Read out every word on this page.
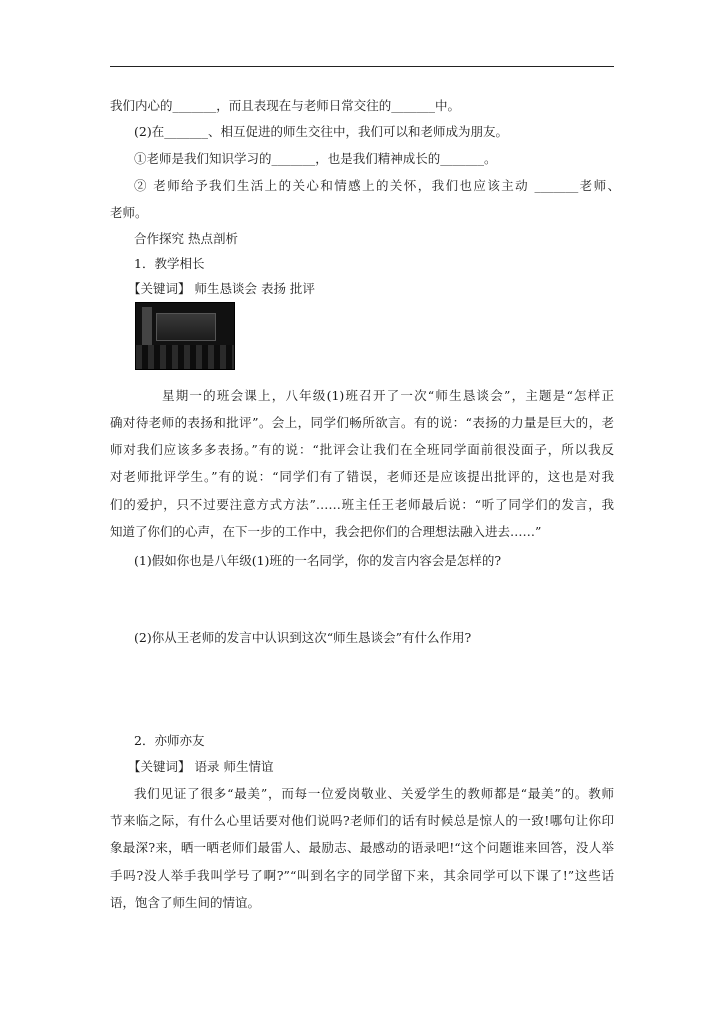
我们内心的_______，而且表现在与老师日常交往的_______中。
(2)在_______、相互促进的师生交往中，我们可以和老师成为朋友。
①老师是我们知识学习的_______，也是我们精神成长的_______。
② 老师给予我们生活上的关心和情感上的关怀，我们也应该主动 _______老师、
老师。
合作探究 热点剖析
1．教学相长
【关键词】 师生恳谈会 表扬 批评
星期一的班会课上，八年级(1)班召开了一次“师生恳谈会”，主题是“怎样正
确对待老师的表扬和批评”。会上，同学们畅所欲言。有的说：“表扬的力量是巨大的，老
师对我们应该多多表扬。”有的说：“批评会让我们在全班同学面前很没面子，所以我反
对老师批评学生。”有的说：“同学们有了错误，老师还是应该提出批评的，这也是对我
们的爱护，只不过要注意方式方法”……班主任王老师最后说：“听了同学们的发言，我
知道了你们的心声，在下一步的工作中，我会把你们的合理想法融入进去……”
(1)假如你也是八年级(1)班的一名同学，你的发言内容会是怎样的?
(2)你从王老师的发言中认识到这次“师生恳谈会”有什么作用?
2．亦师亦友
【关键词】 语录 师生情谊
我们见证了很多“最美”，而每一位爱岗敬业、关爱学生的教师都是“最美”的。教师
节来临之际，有什么心里话要对他们说吗?老师们的话有时候总是惊人的一致!哪句让你印
象最深?来，晒一晒老师们最雷人、最励志、最感动的语录吧!“这个问题谁来回答，没人举
手吗?没人举手我叫学号了啊?”“叫到名字的同学留下来，其余同学可以下课了!”这些话
语，饱含了师生间的情谊。
